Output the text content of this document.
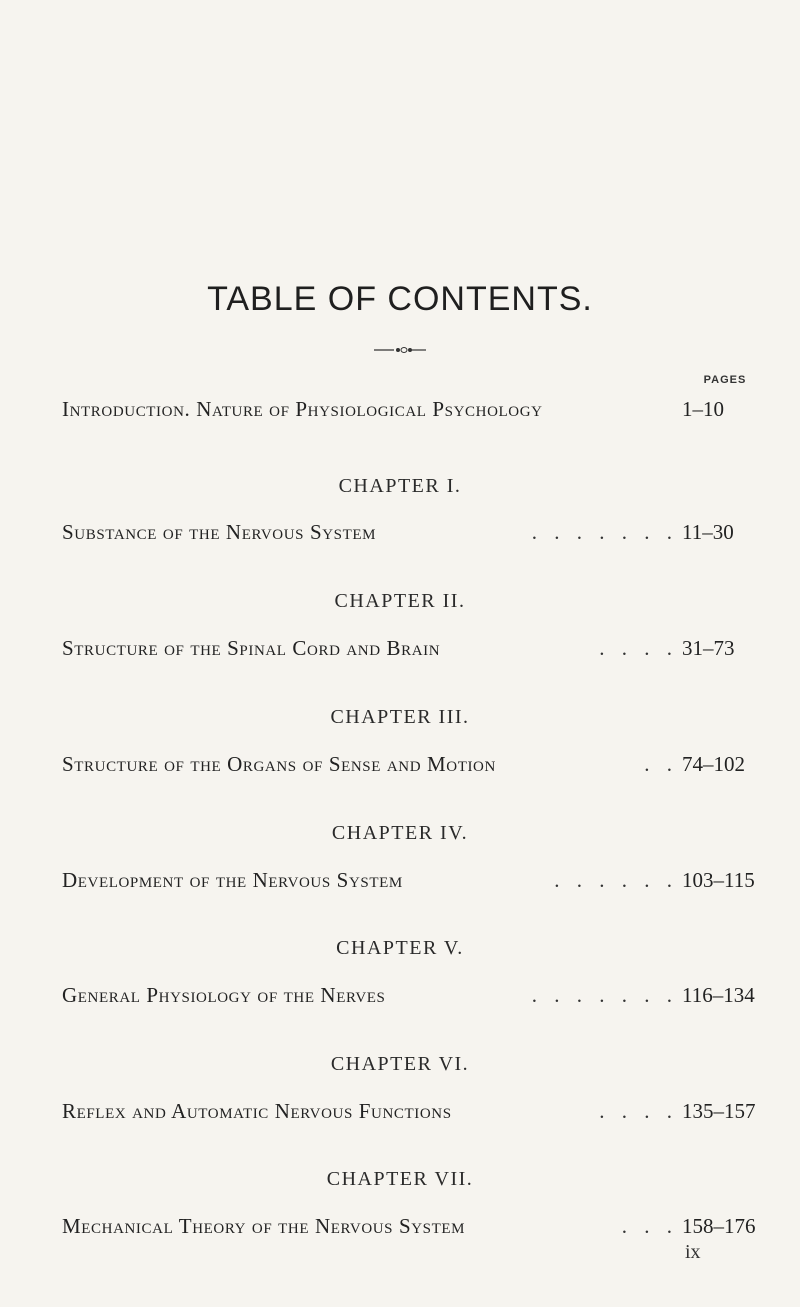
TABLE OF CONTENTS.
PAGES
Introduction. Nature of Physiological Psychology	1–10
CHAPTER I.
Substance of the Nervous System	. . . . . . . 11–30
CHAPTER II.
Structure of the Spinal Cord and Brain	. . . . 31–73
CHAPTER III.
Structure of the Organs of Sense and Motion	. . 74–102
CHAPTER IV.
Development of the Nervous System	. . . . . . 103–115
CHAPTER V.
General Physiology of the Nerves	. . . . . . . 116–134
CHAPTER VI.
Reflex and Automatic Nervous Functions	. . . . 135–157
ix
CHAPTER VII.
Mechanical Theory of the Nervous System	. . . 158–176
